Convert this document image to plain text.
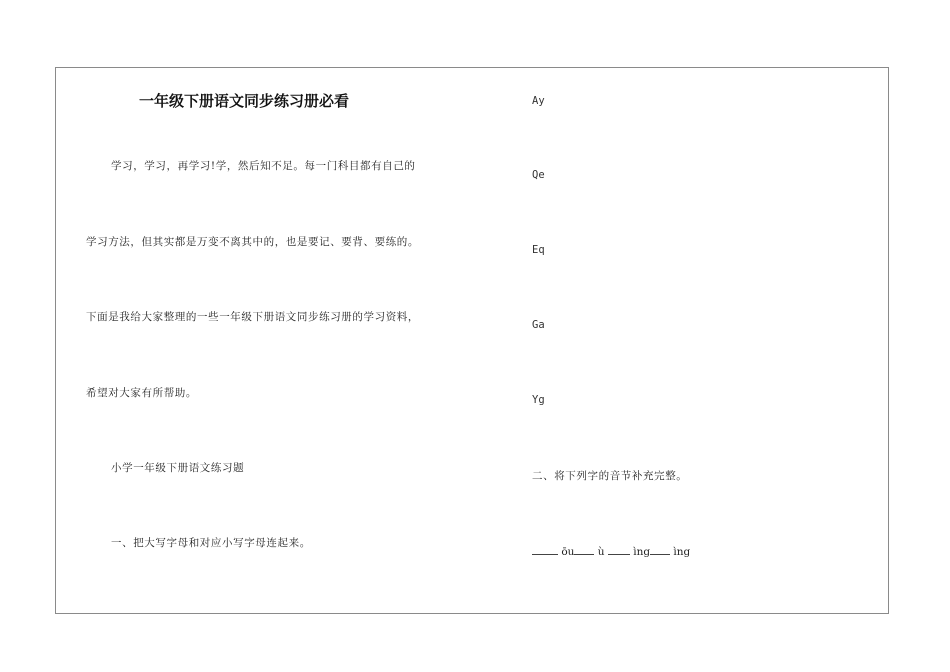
一年级下册语文同步练习册必看
学习，学习，再学习!学，然后知不足。每一门科目都有自己的
学习方法，但其实都是万变不离其中的，也是要记、要背、要练的。
下面是我给大家整理的一些一年级下册语文同步练习册的学习资料，
希望对大家有所帮助。
小学一年级下册语文练习题
一、把大写字母和对应小写字母连起来。
Ay
Qe
Eq
Ga
Yg
二、将下列字的音节补充完整。
ōu ù	ìng ìng
